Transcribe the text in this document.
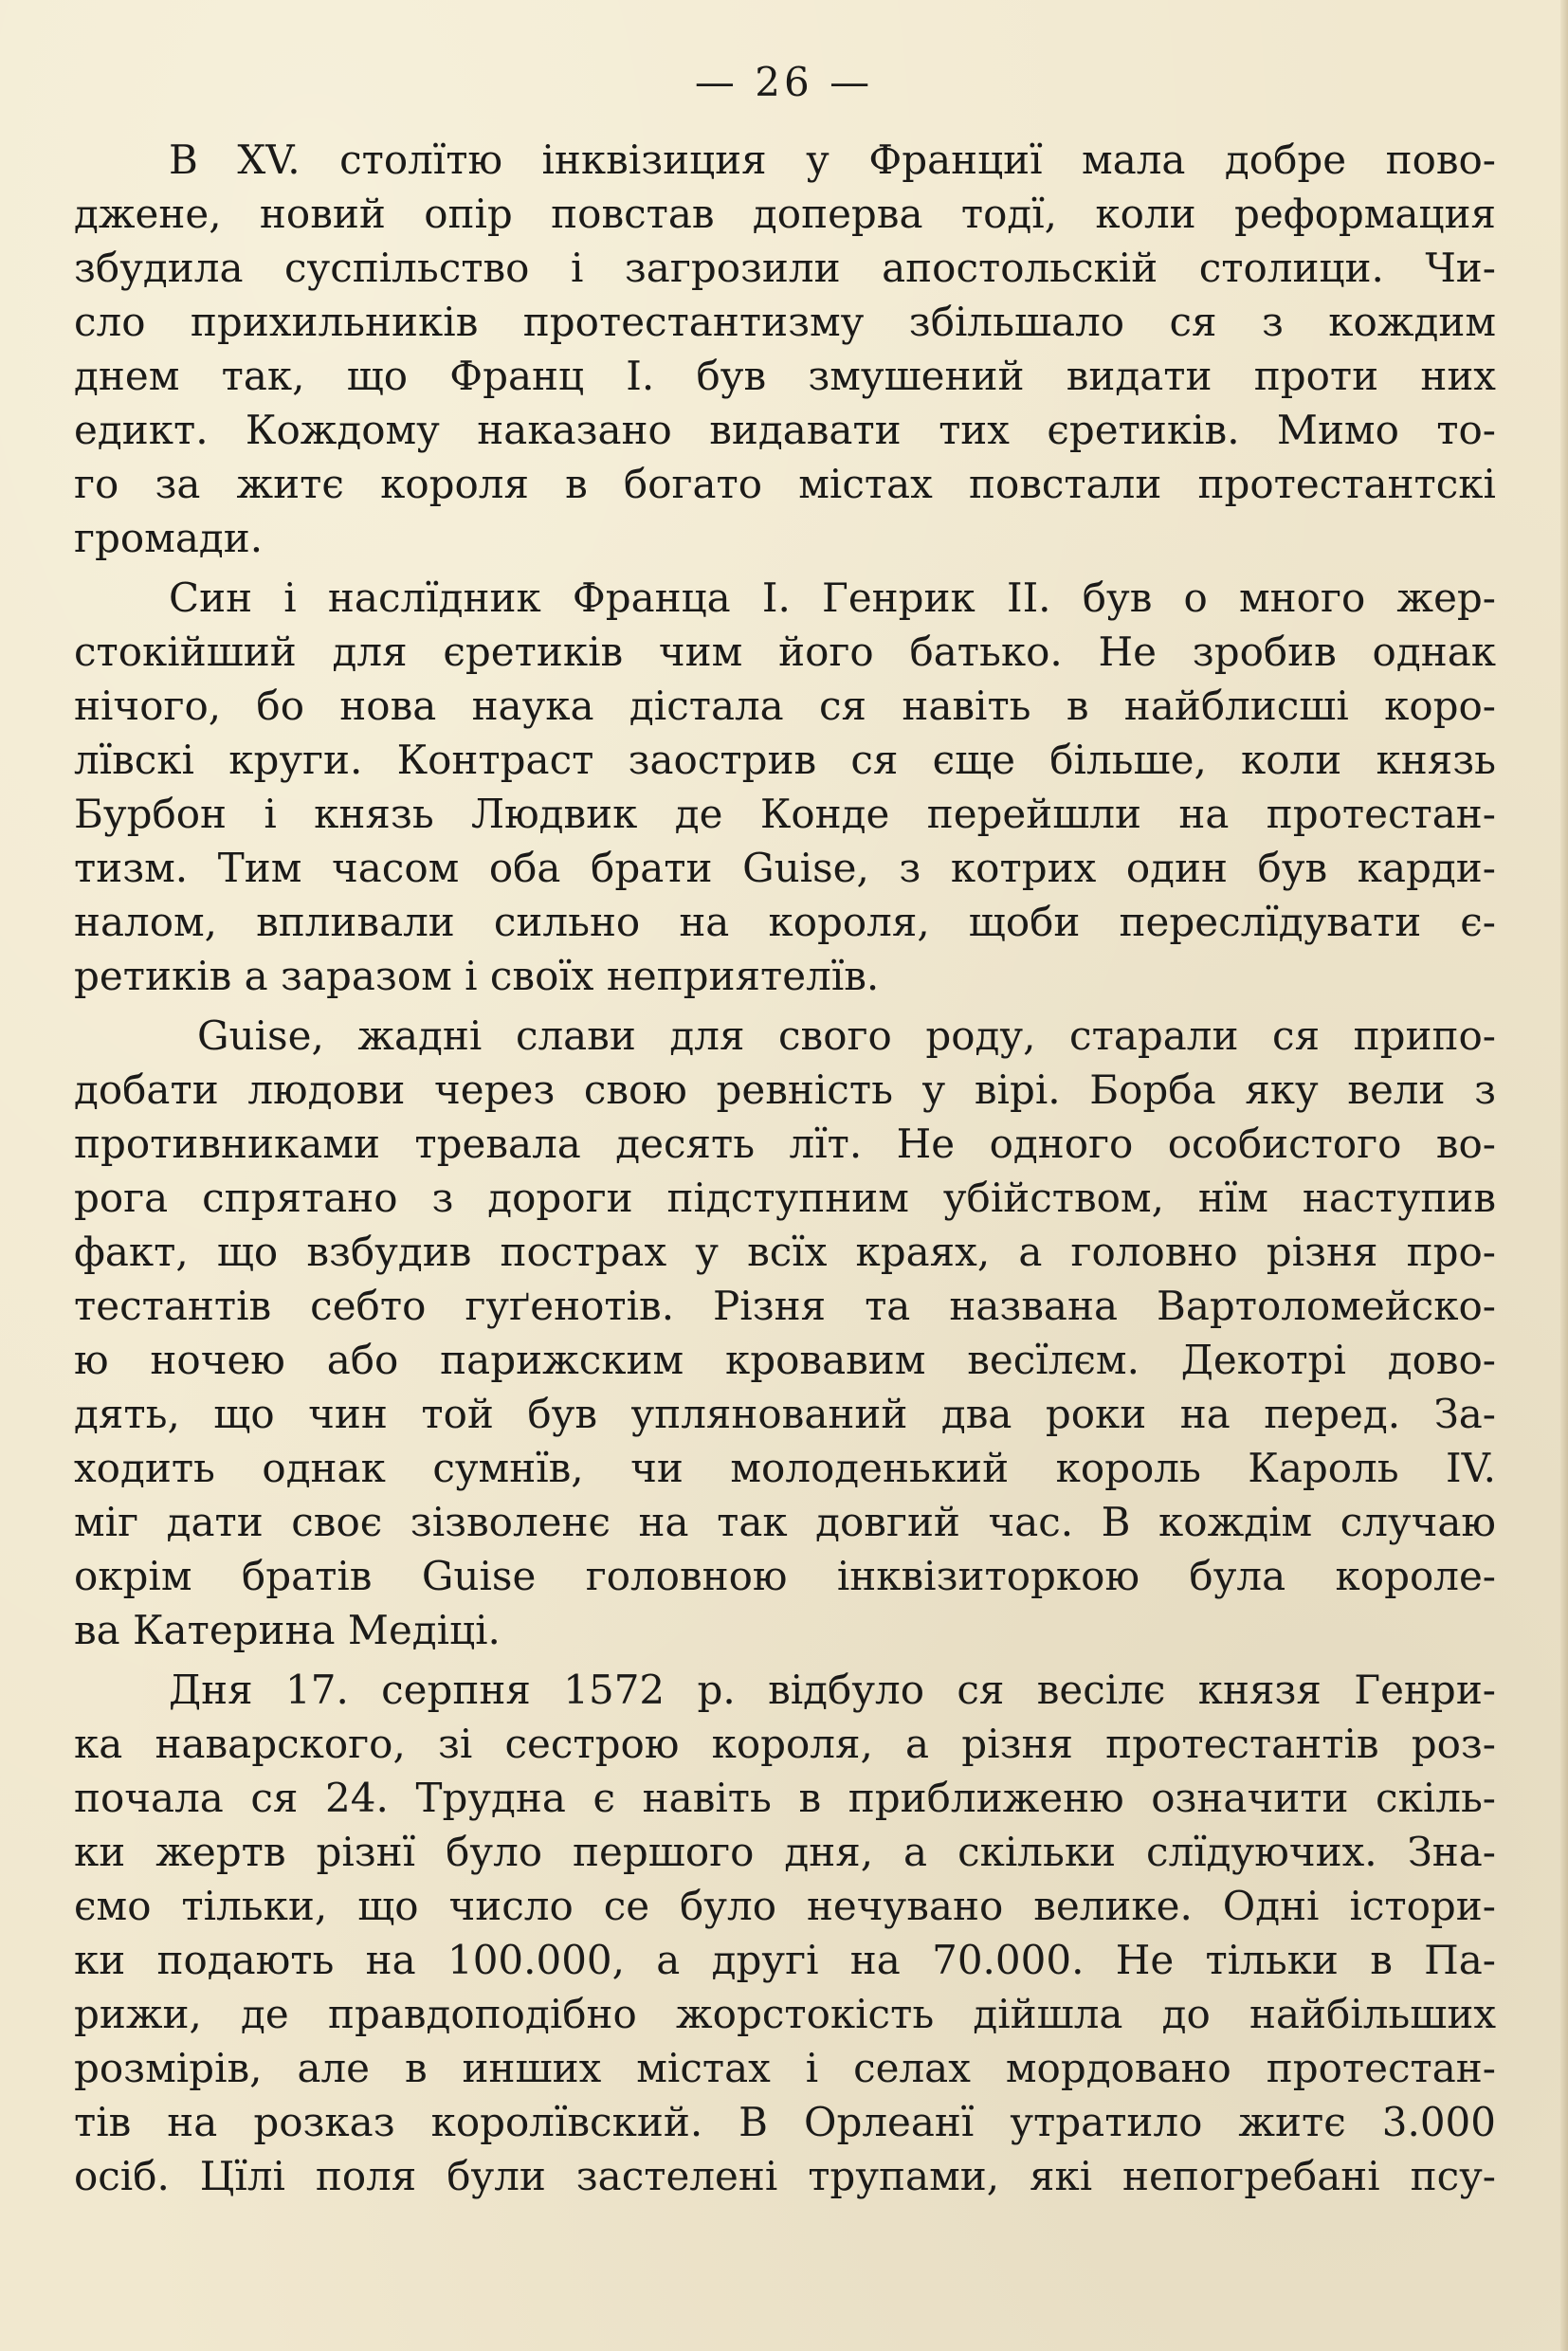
— 26 —
В XV. столїтю інквізиция у Франциї мала добре пово-
джене, новий опір повстав доперва тодї, коли реформация
збудила суспільство і загрозили апостольскій столици. Чи-
сло прихильників протестантизму збільшало ся з кождим
днем так, що Франц І. був змушений видати проти них
едикт. Кождому наказано видавати тих єретиків. Мимо то-
го за житє короля в богато містах повстали протестантскі
громади.
Син і наслїдник Франца І. Генрик ІІ. був о много жер-
стокійший для єретиків чим його батько. Не зробив однак
нічого, бо нова наука дістала ся навіть в найблисші коро-
лївскі круги. Контраст заострив ся єще більше, коли князь
Бурбон і князь Людвик де Конде перейшли на протестан-
тизм. Тим часом оба брати Guise, з котрих один був карди-
налом, впливали сильно на короля, щоби переслїдувати є-
ретиків а заразом і своїх неприятелїв.
Guise, жадні слави для свого роду, старали ся припо-
добати людови через свою ревність у вірі. Борба яку вели з
противниками тревала десять лїт. Не одного особистого во-
рога спрятано з дороги підступним убійством, нїм наступив
факт, що взбудив пострах у всїх краях, а головно різня про-
тестантів себто гуґенотів. Різня та названа Вартоломейско-
ю ночею або парижским кровавим весїлєм. Декотрі дово-
дять, що чин той був уплянований два роки на перед. За-
ходить однак сумнїв, чи молоденький король Кароль IV.
міг дати своє зізволенє на так довгий час. В кождім случаю
окрім братів Guise головною інквізиторкою була короле-
ва Катерина Медіці.
Дня 17. серпня 1572 р. відбуло ся весілє князя Генри-
ка наварского, зі сестрою короля, а різня протестантів роз-
почала ся 24. Трудна є навіть в приближеню означити скіль-
ки жертв різнї було першого дня, а скільки слїдуючих. Зна-
ємо тільки, що число се було нечувано велике. Одні істори-
ки подають на 100.000, а другі на 70.000. Не тільки в Па-
рижи, де правдоподібно жорстокість дійшла до найбільших
розмірів, але в инших містах і селах мордовано протестан-
тів на розказ королївский. В Орлеанї утратило житє 3.000
осіб. Цїлі поля були застелені трупами, які непогребані псу-
